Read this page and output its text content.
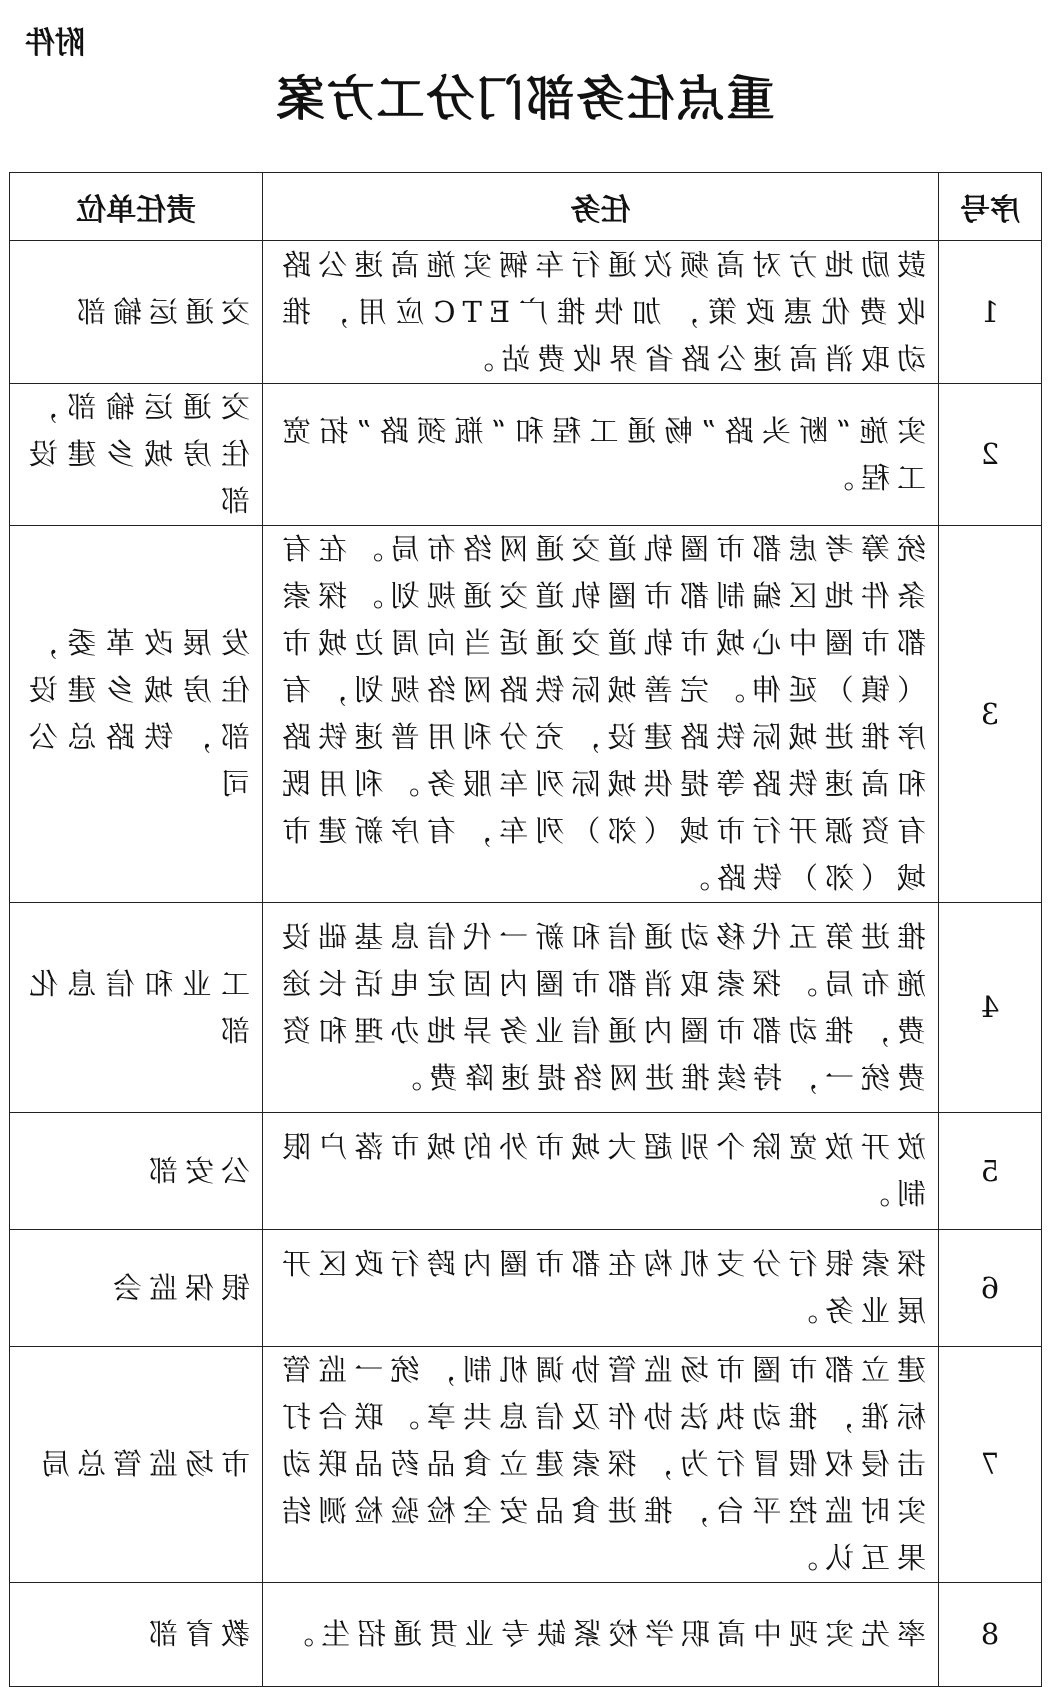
附件
重点任务部门分工方案
序号	任务	责任单位
1	鼓励地方对高频次通行车辆实施高速公路收费优惠政策，加快推广ETC应用，推动取消高速公路省界收费站。	交通运输部
2	实施“断头路”畅通工程和“瓶颈路”拓宽工程。	交通运输部，住房城乡建设部
3	统筹考虑都市圈轨道交通网络布局。在有条件地区编制都市圈轨道交通规划。探索都市圈中心城市轨道交通适当向周边城市（镇）延伸。完善城际铁路网络规划，有序推进城际铁路建设，充分利用普速铁路和高速铁路等提供城际列车服务。利用既有资源开行市域（郊）列车，有序新建市域（郊）铁路。	发展改革委，住房城乡建设部，铁路总公司
4	推进第五代移动通信和新一代信息基础设施布局。探索取消都市圈内固定电话长途费，推动都市圈内通信业务异地办理和资费统一，持续推进网络提速降费。	工业和信息化部
5	放开放宽除个别超大城市外的城市落户限制。	公安部
6	探索银行分支机构在都市圈内跨行政区开展业务。	银保监会
7	建立都市圈市场监管协调机制，统一监管标准，推动执法协作及信息共享。联合打击侵权假冒行为，探索建立食品药品联动实时监控平台，推进食品安全检验检测结果互认。	市场监管总局
8	率先实现中高职学校紧缺专业贯通招生。	教育部
